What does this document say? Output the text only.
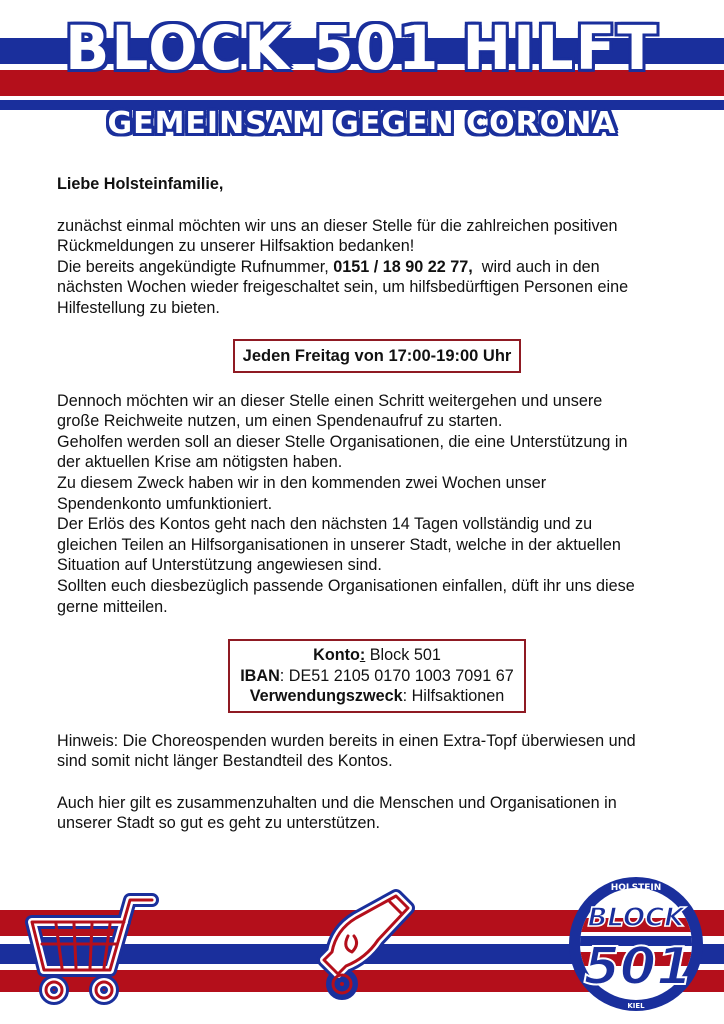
BLOCK 501 HILFT
GEMEINSAM GEGEN CORONA

Liebe Holsteinfamilie,

zunächst einmal möchten wir uns an dieser Stelle für die zahlreichen positiven

Rückmeldungen zu unserer Hilfsaktion bedanken!

Die bereits angekündigte Rufnummer, 0151 / 18 90 22 77,  wird auch in den

nächsten Wochen wieder freigeschaltet sein, um hilfsbedürftigen Personen eine

Hilfestellung zu bieten.

Jeden Freitag von 17:00-19:00 Uhr

Dennoch möchten wir an dieser Stelle einen Schritt weitergehen und unsere

große Reichweite nutzen, um einen Spendenaufruf zu starten.

Geholfen werden soll an dieser Stelle Organisationen, die eine Unterstützung in

der aktuellen Krise am nötigsten haben.

Zu diesem Zweck haben wir in den kommenden zwei Wochen unser

Spendenkonto umfunktioniert.

Der Erlös des Kontos geht nach den nächsten 14 Tagen vollständig und zu

gleichen Teilen an Hilfsorganisationen in unserer Stadt, welche in der aktuellen

Situation auf Unterstützung angewiesen sind.

Sollten euch diesbezüglich passende Organisationen einfallen, düft ihr uns diese

gerne mitteilen.

Konto: Block 501
IBAN: DE51 2105 0170 1003 7091 67
Verwendungszweck: Hilfsaktionen

Hinweis: Die Choreospenden wurden bereits in einen Extra-Topf überwiesen und

sind somit nicht länger Bestandteil des Kontos.

Auch hier gilt es zusammenzuhalten und die Menschen und Organisationen in

unserer Stadt so gut es geht zu unterstützen.

HOLSTEIN
BLOCK
501
KIEL
